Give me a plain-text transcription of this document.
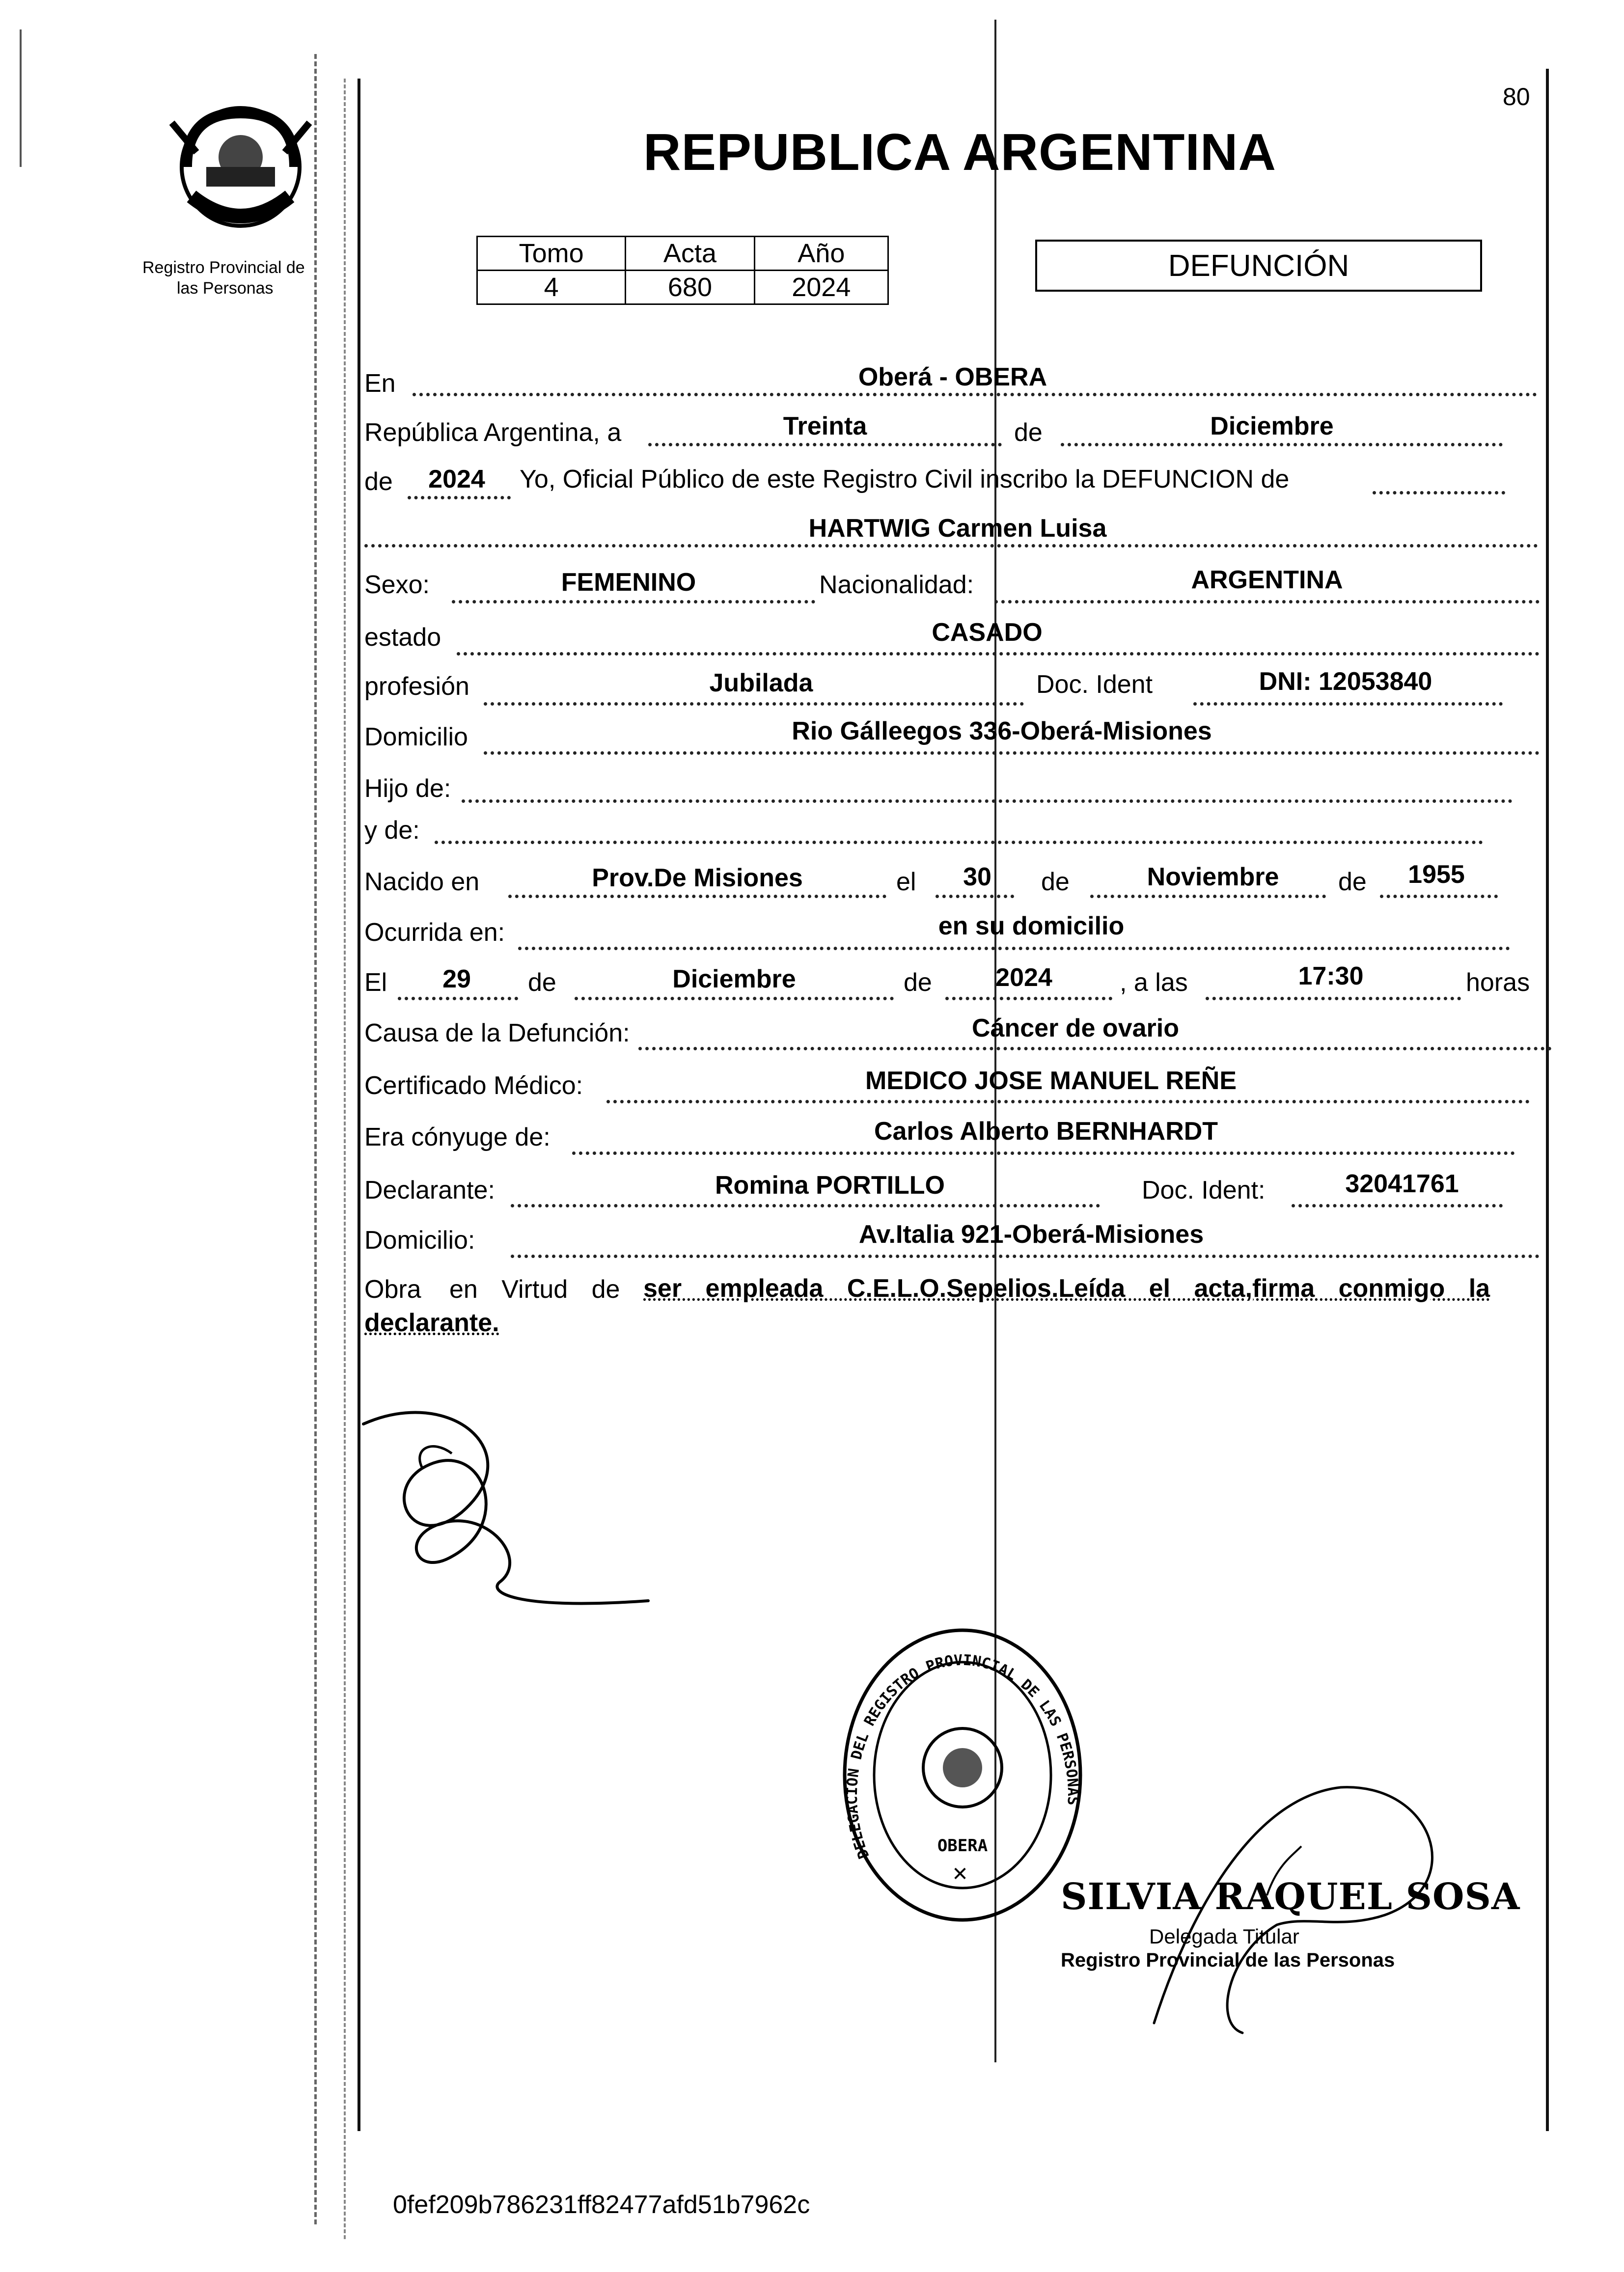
80
Registro Provincial de
las Personas
REPUBLICA ARGENTINA
Tomo	Acta	Año
4	680	2024
DEFUNCIÓN
En	Oberá - OBERA
República Argentina, a	Treinta	de	Diciembre
de	2024	Yo, Oficial Público de este Registro Civil inscribo la DEFUNCION de
HARTWIG Carmen Luisa
Sexo:	FEMENINO	Nacionalidad:	ARGENTINA
estado	CASADO
profesión	Jubilada	Doc. Ident	DNI: 12053840
Domicilio	Rio Gálleegos 336-Oberá-Misiones
Hijo de:
y de:
Nacido en	Prov.De Misiones	el	30	de	Noviembre	de	1955
Ocurrida en:	en su domicilio
El	29	de	Diciembre	de	2024	, a las	17:30	horas
Causa de la Defunción:	Cáncer de ovario
Certificado Médico:	MEDICO JOSE MANUEL REÑE
Era cónyuge de:	Carlos Alberto BERNHARDT
Declarante:	Romina PORTILLO	Doc. Ident:	32041761
Domicilio:	Av.Italia 921-Oberá-Misiones
Obra en Virtud de ser empleada C.E.L.O.Sepelios.Leída el acta,firma conmigo la
declarante.
DELEGACION DEL REGISTRO PROVINCIAL DE LAS PERSONAS
OBERA
✕
SILVIA RAQUEL SOSA
Delegada Titular
Registro Provincial de las Personas
0fef209b786231ff82477afd51b7962c
